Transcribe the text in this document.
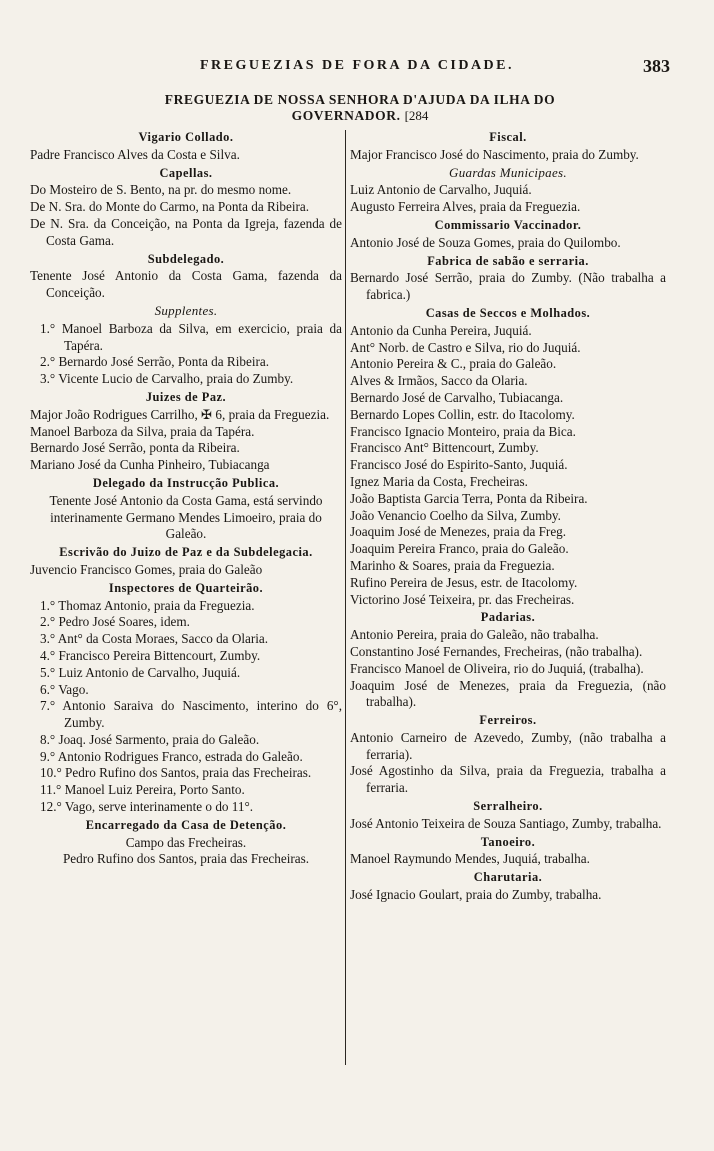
FREGUEZIAS DE FORA DA CIDADE.	383
FREGUEZIA DE NOSSA SENHORA D'AJUDA DA ILHA DO
GOVERNADOR. [284
Vigario Collado.
Padre Francisco Alves da Costa e Silva.
Capellas.
Do Mosteiro de S. Bento, na pr. do mesmo nome.
De N. Sra. do Monte do Carmo, na Ponta da Ribeira.
De N. Sra. da Conceição, na Ponta da Igreja, fazenda de Costa Gama.
Subdelegado.
Tenente José Antonio da Costa Gama, fazenda da Conceição.
Supplentes.
1.° Manoel Barboza da Silva, em exercicio, praia da Tapéra.
2.° Bernardo José Serrão, Ponta da Ribeira.
3.° Vicente Lucio de Carvalho, praia do Zumby.
Juizes de Paz.
Major João Rodrigues Carrilho, ✠ 6, praia da Freguezia.
Manoel Barboza da Silva, praia da Tapéra.
Bernardo José Serrão, ponta da Ribeira.
Mariano José da Cunha Pinheiro, Tubiacanga
Delegado da Instrucção Publica.
Tenente José Antonio da Costa Gama, está servindo interinamente Germano Mendes Limoeiro, praia do Galeão.
Escrivão do Juizo de Paz e da Subdelegacia.
Juvencio Francisco Gomes, praia do Galeão
Inspectores de Quarteirão.
1.° Thomaz Antonio, praia da Freguezia.
2.° Pedro José Soares, idem.
3.° Ant° da Costa Moraes, Sacco da Olaria.
4.° Francisco Pereira Bittencourt, Zumby.
5.° Luiz Antonio de Carvalho, Juquiá.
6.° Vago.
7.° Antonio Saraiva do Nascimento, interino do 6°, Zumby.
8.° Joaq. José Sarmento, praia do Galeão.
9.° Antonio Rodrigues Franco, estrada do Galeão.
10.° Pedro Rufino dos Santos, praia das Frecheiras.
11.° Manoel Luiz Pereira, Porto Santo.
12.° Vago, serve interinamente o do 11°.
Encarregado da Casa de Detenção.
Campo das Frecheiras.
Pedro Rufino dos Santos, praia das Frecheiras.
Fiscal.
Major Francisco José do Nascimento, praia do Zumby.
Guardas Municipaes.
Luiz Antonio de Carvalho, Juquiá.
Augusto Ferreira Alves, praia da Freguezia.
Commissario Vaccinador.
Antonio José de Souza Gomes, praia do Quilombo.
Fabrica de sabão e serraria.
Bernardo José Serrão, praia do Zumby. (Não trabalha a fabrica.)
Casas de Seccos e Molhados.
Antonio da Cunha Pereira, Juquiá.
Ant° Norb. de Castro e Silva, rio do Juquiá.
Antonio Pereira & C., praia do Galeão.
Alves & Irmãos, Sacco da Olaria.
Bernardo José de Carvalho, Tubiacanga.
Bernardo Lopes Collin, estr. do Itacolomy.
Francisco Ignacio Monteiro, praia da Bica.
Francisco Ant° Bittencourt, Zumby.
Francisco José do Espirito-Santo, Juquiá.
Ignez Maria da Costa, Frecheiras.
João Baptista Garcia Terra, Ponta da Ribeira.
João Venancio Coelho da Silva, Zumby.
Joaquim José de Menezes, praia da Freg.
Joaquim Pereira Franco, praia do Galeão.
Marinho & Soares, praia da Freguezia.
Rufino Pereira de Jesus, estr. de Itacolomy.
Victorino José Teixeira, pr. das Frecheiras.
Padarias.
Antonio Pereira, praia do Galeão, não trabalha.
Constantino José Fernandes, Frecheiras, (não trabalha).
Francisco Manoel de Oliveira, rio do Juquiá, (trabalha).
Joaquim José de Menezes, praia da Freguezia, (não trabalha).
Ferreiros.
Antonio Carneiro de Azevedo, Zumby, (não trabalha a ferraria).
José Agostinho da Silva, praia da Freguezia, trabalha a ferraria.
Serralheiro.
José Antonio Teixeira de Souza Santiago, Zumby, trabalha.
Tanoeiro.
Manoel Raymundo Mendes, Juquiá, trabalha.
Charutaria.
José Ignacio Goulart, praia do Zumby, trabalha.
